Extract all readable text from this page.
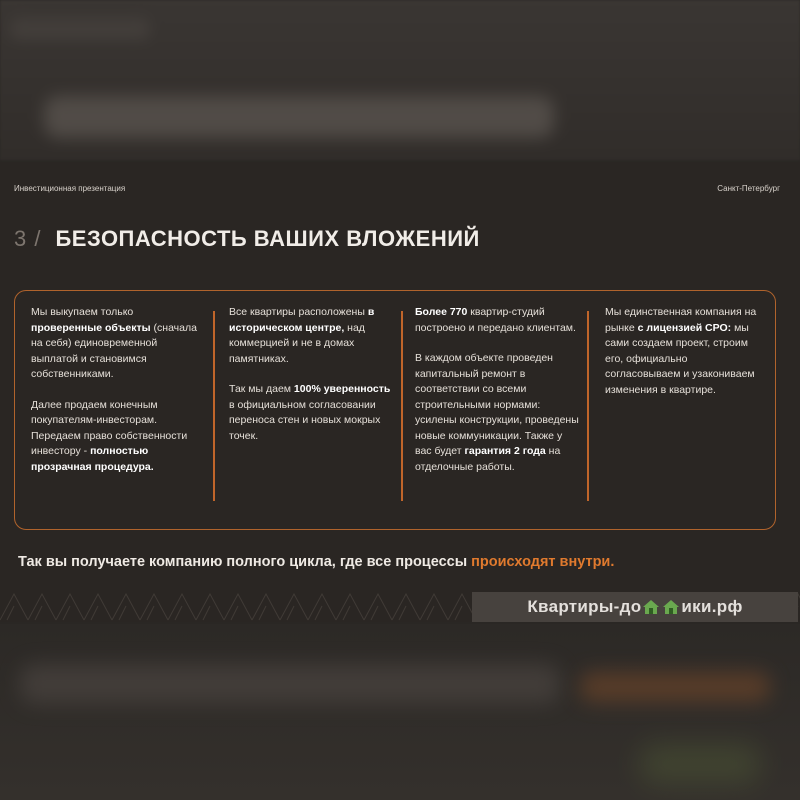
Инвестиционная презентация	Санкт-Петербург
3 / БЕЗОПАСНОСТЬ ВАШИХ ВЛОЖЕНИЙ

Мы выкупаем только проверенные объекты (сначала на себя) единовременной выплатой и становимся собственниками.

Далее продаем конечным покупателям-инвесторам. Передаем право собственности инвестору - полностью прозрачная процедура.

Все квартиры расположены в историческом центре, над коммерцией и не в домах памятниках.

Так мы даем 100% уверенность в официальном согласовании переноса стен и новых мокрых точек.

Более 770 квартир-студий построено и передано клиентам.

В каждом объекте проведен капитальный ремонт в соответствии со всеми строительными нормами: усилены конструкции, проведены новые коммуникации. Также у вас будет гарантия 2 года на отделочные работы.

Мы единственная компания на рынке с лицензией СРО: мы сами создаем проект, строим его, официально согласовываем и узакониваем изменения в квартире.

Так вы получаете компанию полного цикла, где все процессы происходят внутри.
Квартиры-до ики.рф
